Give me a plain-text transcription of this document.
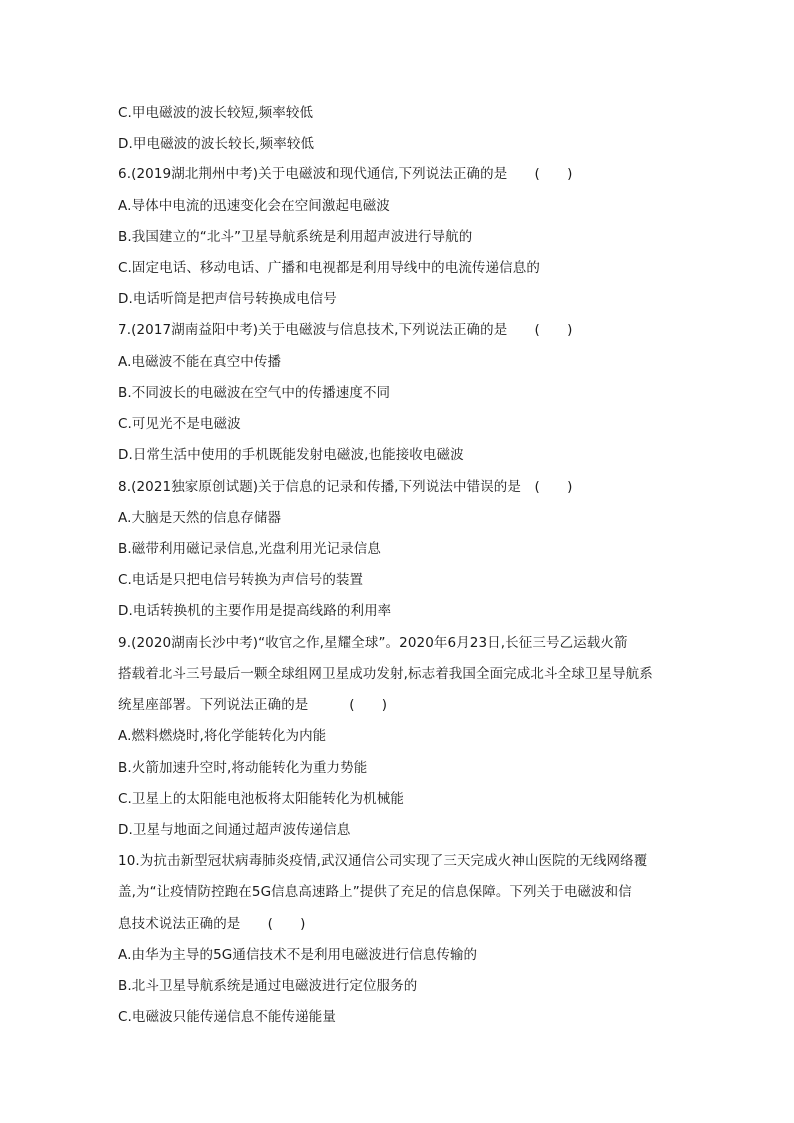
C.甲电磁波的波长较短,频率较低
D.甲电磁波的波长较长,频率较低
6.(2019湖北荆州中考)关于电磁波和现代通信,下列说法正确的是　　(　　)
A.导体中电流的迅速变化会在空间激起电磁波
B.我国建立的“北斗”卫星导航系统是利用超声波进行导航的
C.固定电话、移动电话、广播和电视都是利用导线中的电流传递信息的
D.电话听筒是把声信号转换成电信号
7.(2017湖南益阳中考)关于电磁波与信息技术,下列说法正确的是　　(　　)
A.电磁波不能在真空中传播
B.不同波长的电磁波在空气中的传播速度不同
C.可见光不是电磁波
D.日常生活中使用的手机既能发射电磁波,也能接收电磁波
8.(2021独家原创试题)关于信息的记录和传播,下列说法中错误的是　(　　)
A.大脑是天然的信息存储器
B.磁带利用磁记录信息,光盘利用光记录信息
C.电话是只把电信号转换为声信号的装置
D.电话转换机的主要作用是提高线路的利用率
9.(2020湖南长沙中考)“收官之作,星耀全球”。2020年6月23日,长征三号乙运载火箭
搭载着北斗三号最后一颗全球组网卫星成功发射,标志着我国全面完成北斗全球卫星导航系
统星座部署。下列说法正确的是　　　(　　)
A.燃料燃烧时,将化学能转化为内能
B.火箭加速升空时,将动能转化为重力势能
C.卫星上的太阳能电池板将太阳能转化为机械能
D.卫星与地面之间通过超声波传递信息
10.为抗击新型冠状病毒肺炎疫情,武汉通信公司实现了三天完成火神山医院的无线网络覆
盖,为“让疫情防控跑在5G信息高速路上”提供了充足的信息保障。下列关于电磁波和信
息技术说法正确的是　　(　　)
A.由华为主导的5G通信技术不是利用电磁波进行信息传输的
B.北斗卫星导航系统是通过电磁波进行定位服务的
C.电磁波只能传递信息不能传递能量
